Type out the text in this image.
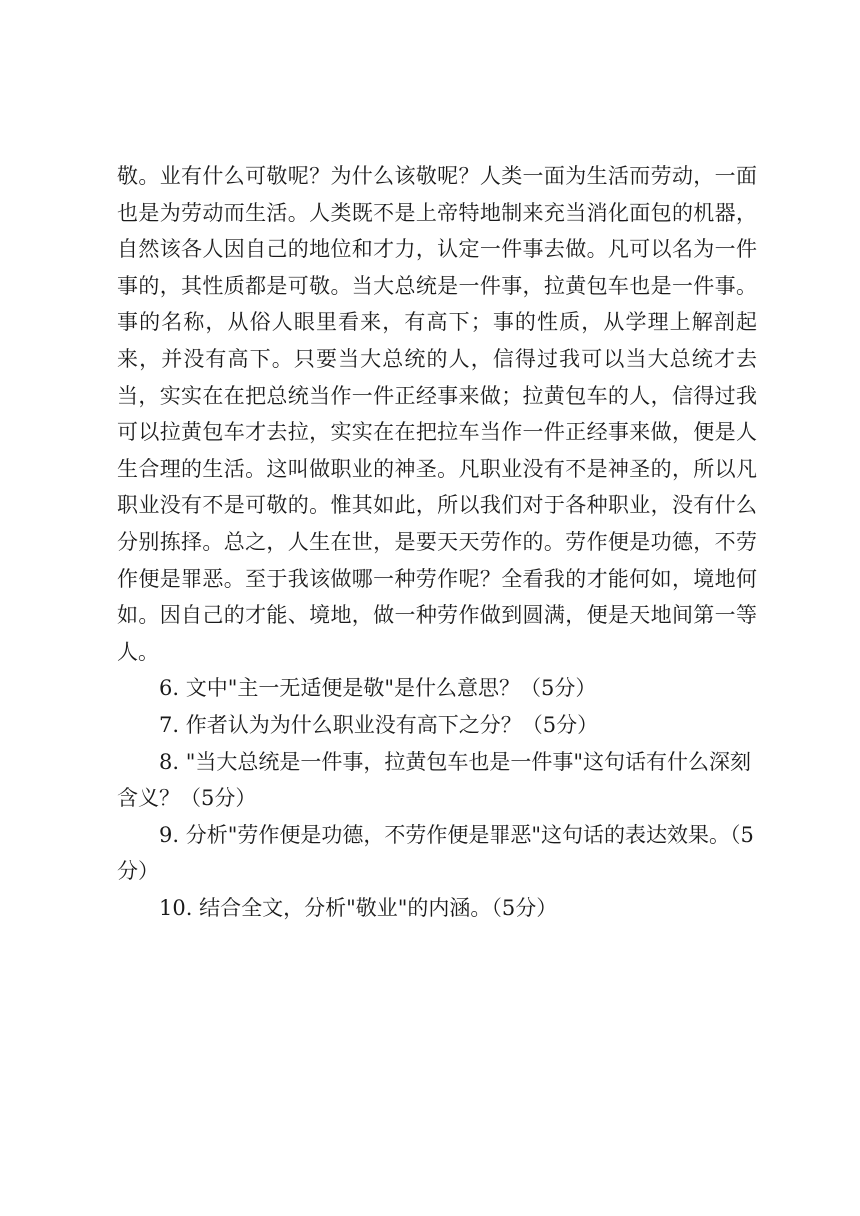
敬。业有什么可敬呢？为什么该敬呢？人类一面为生活而劳动，一面也是为劳动而生活。人类既不是上帝特地制来充当消化面包的机器，自然该各人因自己的地位和才力，认定一件事去做。凡可以名为一件事的，其性质都是可敬。当大总统是一件事，拉黄包车也是一件事。事的名称，从俗人眼里看来，有高下；事的性质，从学理上解剖起来，并没有高下。只要当大总统的人，信得过我可以当大总统才去当，实实在在把总统当作一件正经事来做；拉黄包车的人，信得过我可以拉黄包车才去拉，实实在在把拉车当作一件正经事来做，便是人生合理的生活。这叫做职业的神圣。凡职业没有不是神圣的，所以凡职业没有不是可敬的。惟其如此，所以我们对于各种职业，没有什么分别拣择。总之，人生在世，是要天天劳作的。劳作便是功德，不劳作便是罪恶。至于我该做哪一种劳作呢？全看我的才能何如，境地何如。因自己的才能、境地，做一种劳作做到圆满，便是天地间第一等人。

6. 文中"主一无适便是敬"是什么意思？（5分）

7. 作者认为为什么职业没有高下之分？（5分）

8. "当大总统是一件事，拉黄包车也是一件事"这句话有什么深刻含义？（5分）

9. 分析"劳作便是功德，不劳作便是罪恶"这句话的表达效果。（5分）

10. 结合全文，分析"敬业"的内涵。（5分）
